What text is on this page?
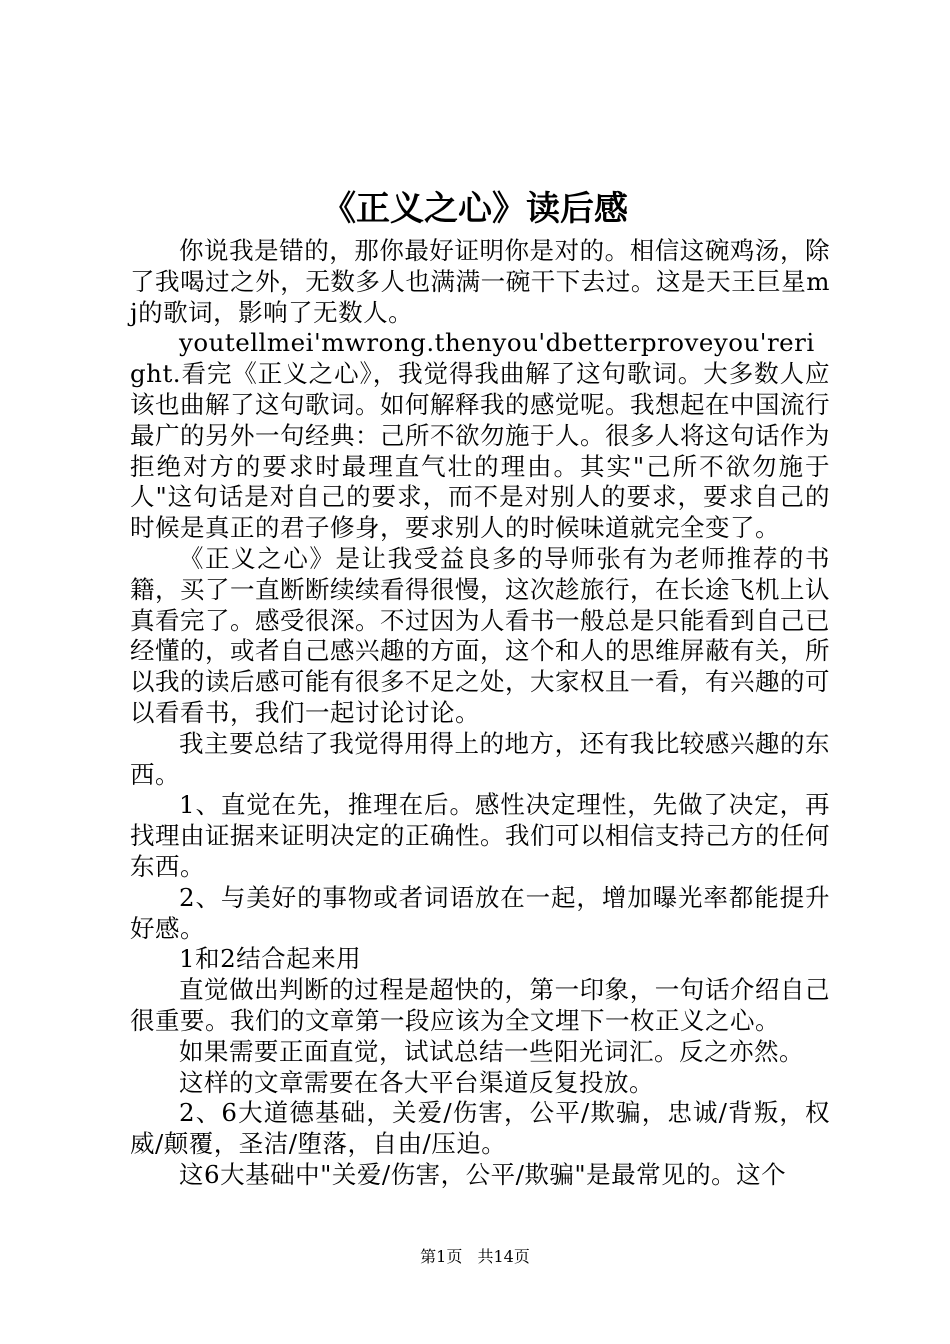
《正义之心》读后感

你说我是错的，那你最好证明你是对的。相信这碗鸡汤，除了我喝过之外，无数多人也满满一碗干下去过。这是天王巨星mj的歌词，影响了无数人。

youtellmei'mwrong.thenyou'dbetterproveyou'reright.看完《正义之心》，我觉得我曲解了这句歌词。大多数人应该也曲解了这句歌词。如何解释我的感觉呢。我想起在中国流行最广的另外一句经典：己所不欲勿施于人。很多人将这句话作为拒绝对方的要求时最理直气壮的理由。其实"己所不欲勿施于人"这句话是对自己的要求，而不是对别人的要求，要求自己的时候是真正的君子修身，要求别人的时候味道就完全变了。

《正义之心》是让我受益良多的导师张有为老师推荐的书籍，买了一直断断续续看得很慢，这次趁旅行，在长途飞机上认真看完了。感受很深。不过因为人看书一般总是只能看到自己已经懂的，或者自己感兴趣的方面，这个和人的思维屏蔽有关，所以我的读后感可能有很多不足之处，大家权且一看，有兴趣的可以看看书，我们一起讨论讨论。

我主要总结了我觉得用得上的地方，还有我比较感兴趣的东西。

1、直觉在先，推理在后。感性决定理性，先做了决定，再找理由证据来证明决定的正确性。我们可以相信支持己方的任何东西。

2、与美好的事物或者词语放在一起，增加曝光率都能提升好感。

1和2结合起来用

直觉做出判断的过程是超快的，第一印象，一句话介绍自己很重要。我们的文章第一段应该为全文埋下一枚正义之心。

如果需要正面直觉，试试总结一些阳光词汇。反之亦然。

这样的文章需要在各大平台渠道反复投放。

2、6大道德基础，关爱/伤害，公平/欺骗，忠诚/背叛，权威/颠覆，圣洁/堕落，自由/压迫。

这6大基础中"关爱/伤害，公平/欺骗"是最常见的。这个

第1页 共14页
